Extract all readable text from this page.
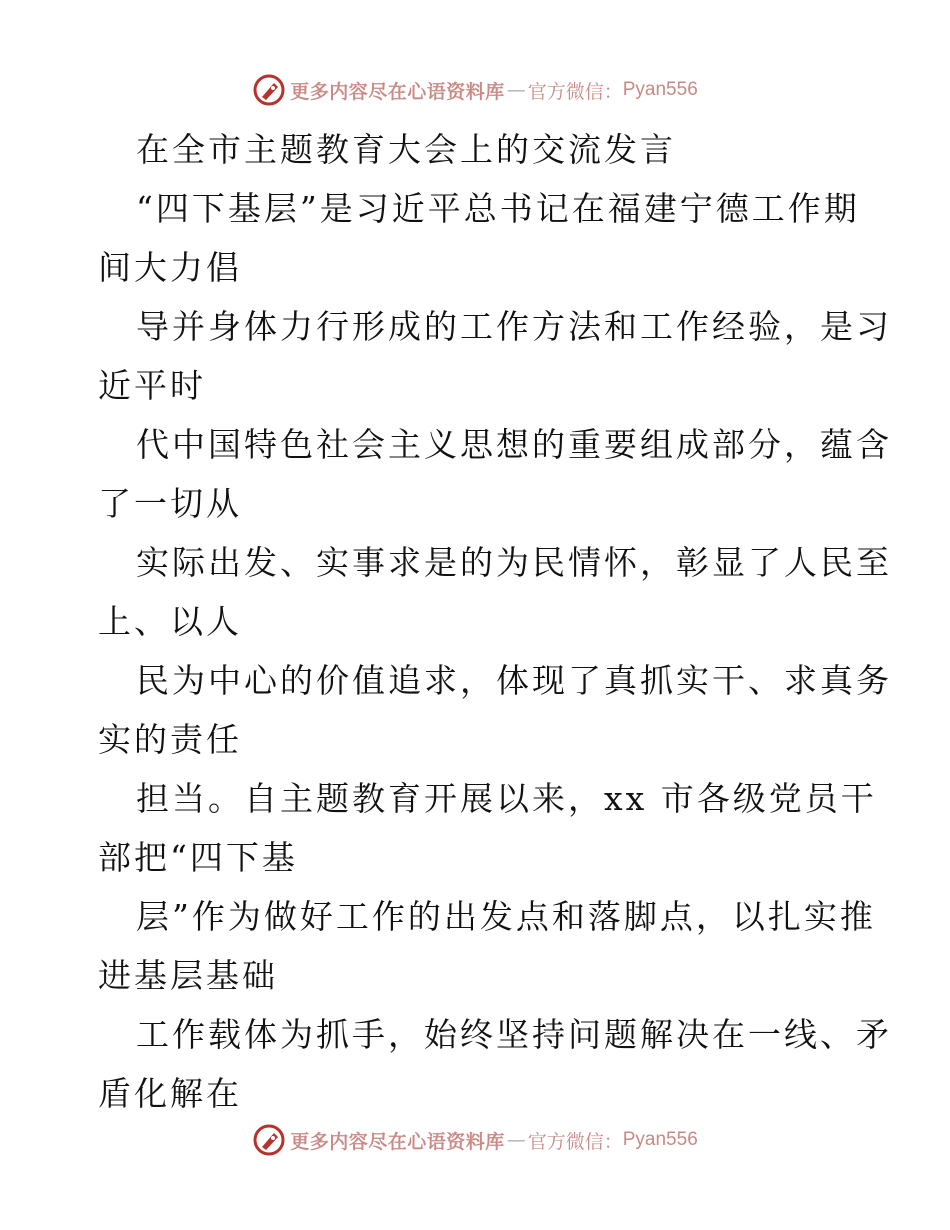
更多内容尽在心语资料库 — 官方微信： Pyan556
在全市主题教育大会上的交流发言
“四下基层”是习近平总书记在福建宁德工作期
间大力倡
导并身体力行形成的工作方法和工作经验，是习
近平时
代中国特色社会主义思想的重要组成部分，蕴含
了一切从
实际出发、实事求是的为民情怀，彰显了人民至
上、以人
民为中心的价值追求，体现了真抓实干、求真务
实的责任
担当。自主题教育开展以来，xx 市各级党员干
部把“四下基
层”作为做好工作的出发点和落脚点，以扎实推
进基层基础
工作载体为抓手，始终坚持问题解决在一线、矛
盾化解在
更多内容尽在心语资料库 — 官方微信： Pyan556
